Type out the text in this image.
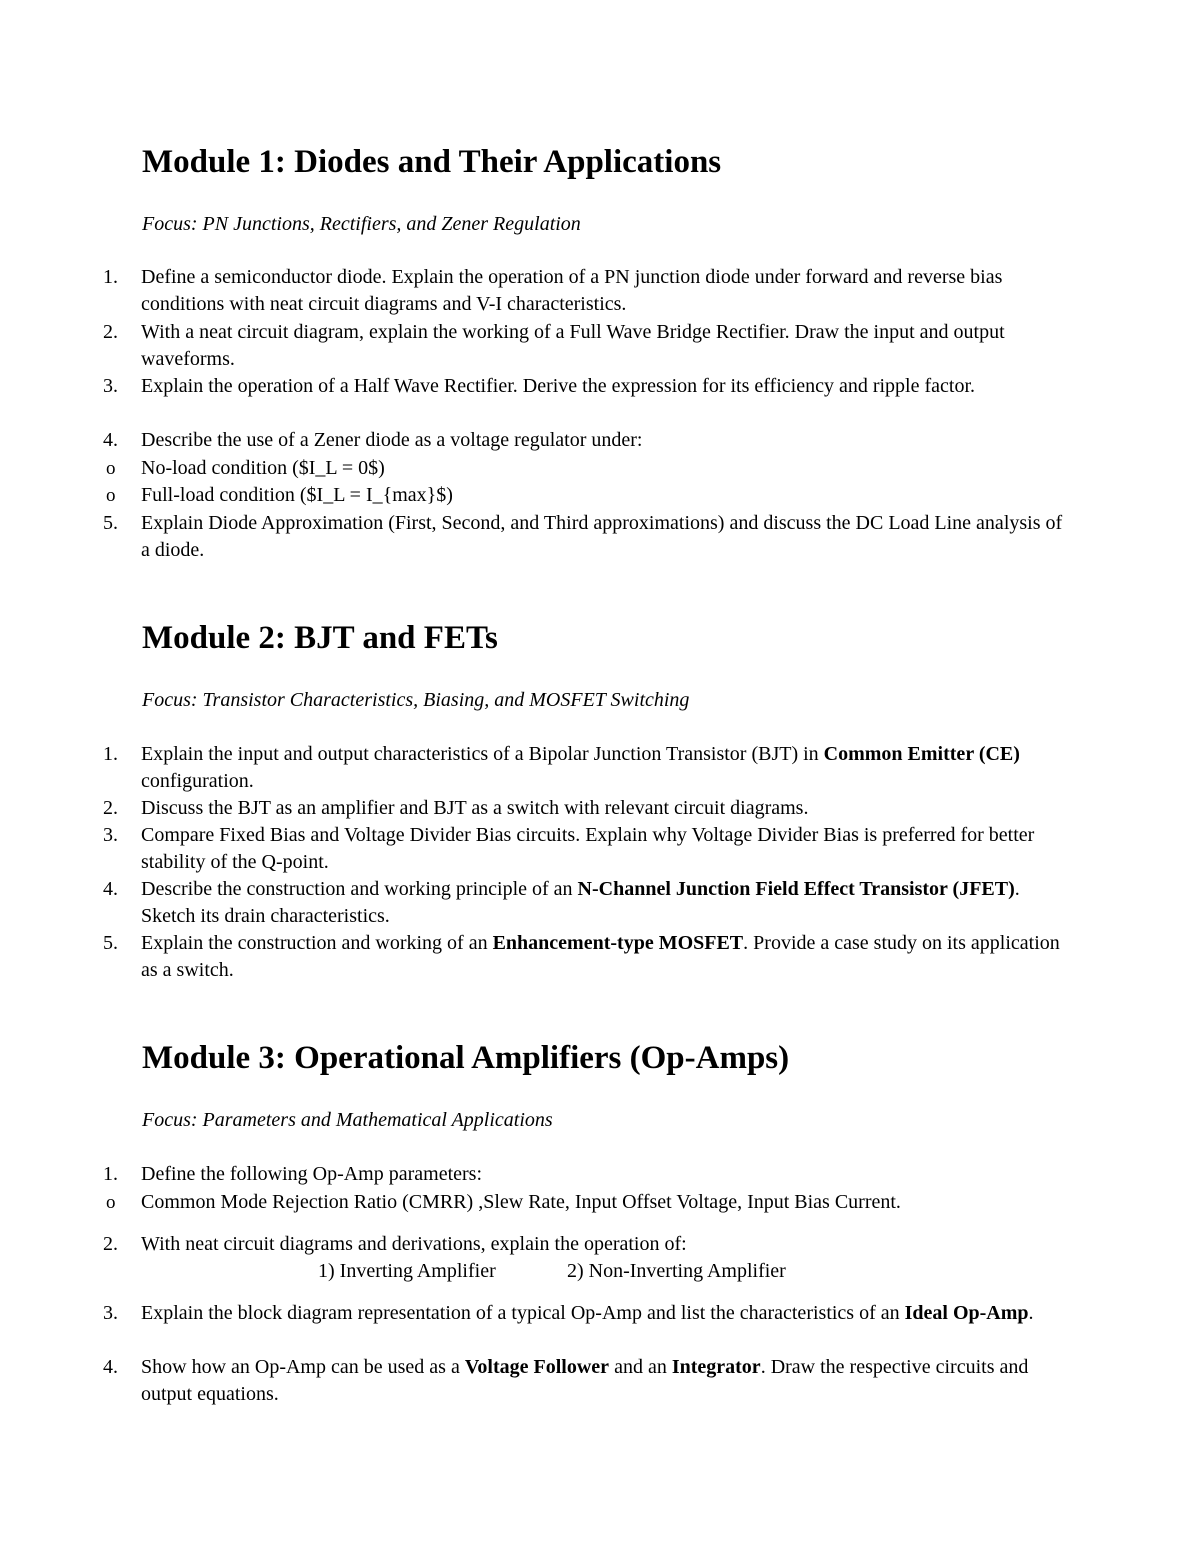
Module 1: Diodes and Their Applications

Focus: PN Junctions, Rectifiers, and Zener Regulation

1. Define a semiconductor diode. Explain the operation of a PN junction diode under forward and reverse bias conditions with neat circuit diagrams and V-I characteristics.
2. With a neat circuit diagram, explain the working of a Full Wave Bridge Rectifier. Draw the input and output waveforms.
3. Explain the operation of a Half Wave Rectifier. Derive the expression for its efficiency and ripple factor.
4. Describe the use of a Zener diode as a voltage regulator under:
o No-load condition ($I_L = 0$)
o Full-load condition ($I_L = I_{max}$)
5. Explain Diode Approximation (First, Second, and Third approximations) and discuss the DC Load Line analysis of a diode.
Module 2: BJT and FETs

Focus: Transistor Characteristics, Biasing, and MOSFET Switching

1. Explain the input and output characteristics of a Bipolar Junction Transistor (BJT) in Common Emitter (CE) configuration.
2. Discuss the BJT as an amplifier and BJT as a switch with relevant circuit diagrams.
3. Compare Fixed Bias and Voltage Divider Bias circuits. Explain why Voltage Divider Bias is preferred for better stability of the Q-point.
4. Describe the construction and working principle of an N-Channel Junction Field Effect Transistor (JFET). Sketch its drain characteristics.
5. Explain the construction and working of an Enhancement-type MOSFET. Provide a case study on its application as a switch.
Module 3: Operational Amplifiers (Op-Amps)

Focus: Parameters and Mathematical Applications

1. Define the following Op-Amp parameters:
o Common Mode Rejection Ratio (CMRR) ,Slew Rate, Input Offset Voltage, Input Bias Current.
2. With neat circuit diagrams and derivations, explain the operation of:
1) Inverting Amplifier	2) Non-Inverting Amplifier
3. Explain the block diagram representation of a typical Op-Amp and list the characteristics of an Ideal Op-Amp.
4. Show how an Op-Amp can be used as a Voltage Follower and an Integrator. Draw the respective circuits and output equations.
